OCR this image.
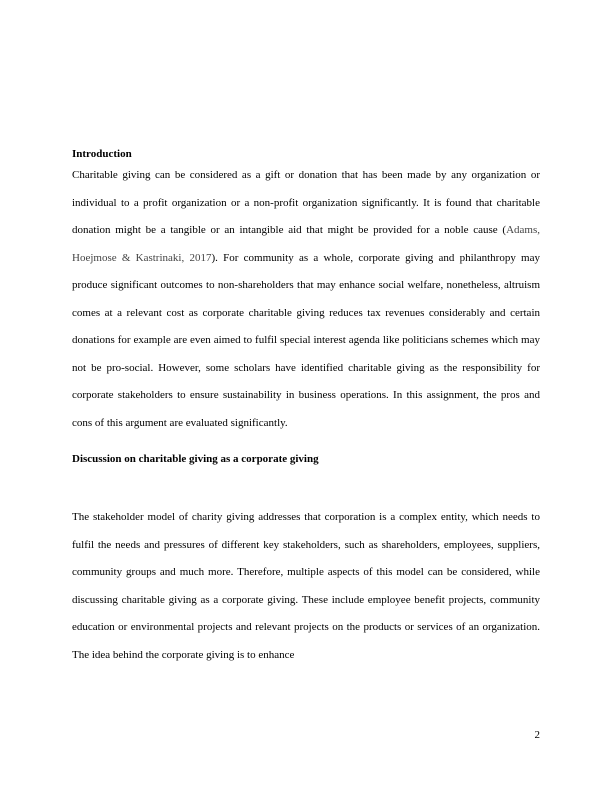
Introduction

Charitable giving can be considered as a gift or donation that has been made by any organization or individual to a profit organization or a non-profit organization significantly. It is found that charitable donation might be a tangible or an intangible aid that might be provided for a noble cause (Adams, Hoejmose & Kastrinaki, 2017). For community as a whole, corporate giving and philanthropy may produce significant outcomes to non-shareholders that may enhance social welfare, nonetheless, altruism comes at a relevant cost as corporate charitable giving reduces tax revenues considerably and certain donations for example are even aimed to fulfil special interest agenda like politicians schemes which may not be pro-social. However, some scholars have identified charitable giving as the responsibility for corporate stakeholders to ensure sustainability in business operations. In this assignment, the pros and cons of this argument are evaluated significantly.

Discussion on charitable giving as a corporate giving

The stakeholder model of charity giving addresses that corporation is a complex entity, which needs to fulfil the needs and pressures of different key stakeholders, such as shareholders, employees, suppliers, community groups and much more. Therefore, multiple aspects of this model can be considered, while discussing charitable giving as a corporate giving. These include employee benefit projects, community education or environmental projects and relevant projects on the products or services of an organization. The idea behind the corporate giving is to enhance

2
